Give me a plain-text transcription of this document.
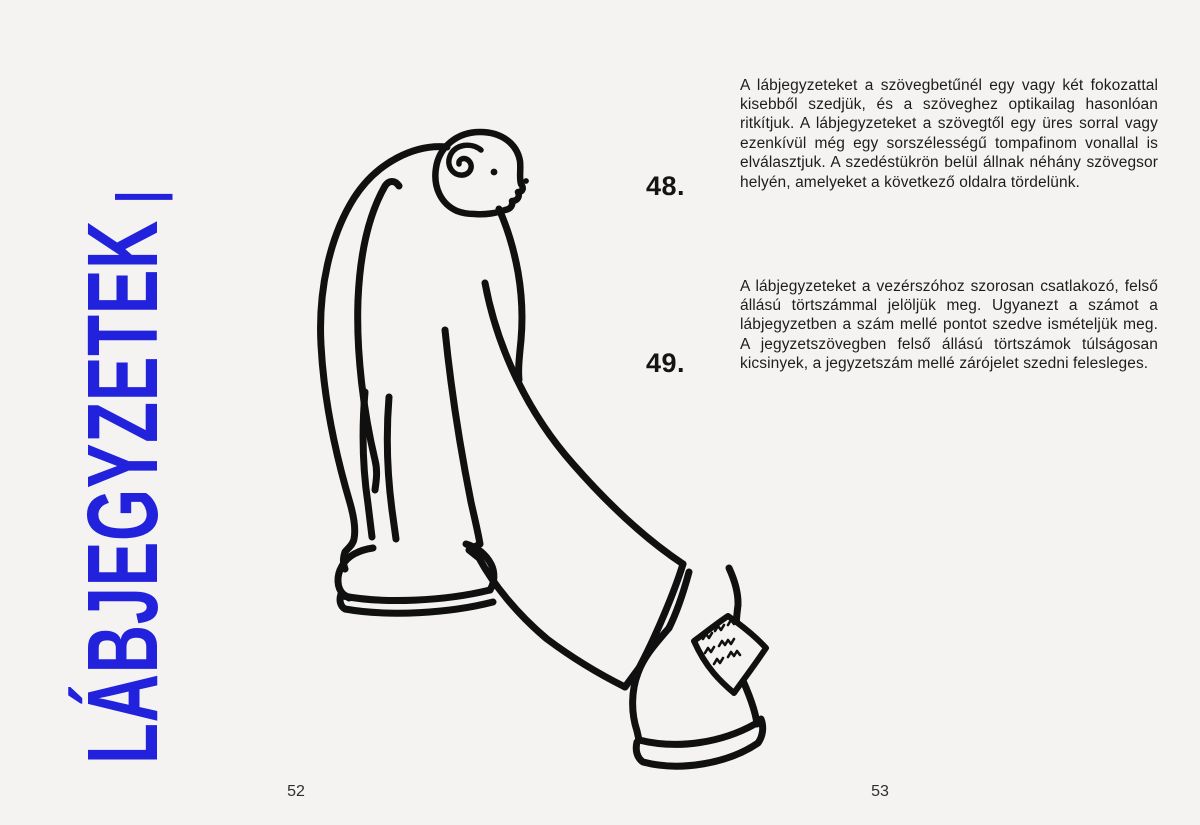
LÁBJEGYZETEK
_	48.

A lábjegyzeteket a szövegbetűnél egy vagy két fokozattal kisebből szedjük, és a szöveghez optikailag hasonlóan ritkítjuk. A lábjegyzeteket a szövegtől egy üres sorral vagy ezenkívül még egy sorszélességű tompafinom vonallal is elválasztjuk. A szedéstükrön belül állnak néhány szövegsor helyén, amelyeket a következő oldalra tördelünk.

49.

A lábjegyzeteket a vezérszóhoz szorosan csatlakozó, felső állású törtszámmal jelöljük meg. Ugyanezt a számot a lábjegyzetben a szám mellé pontot szedve ismételjük meg. A jegyzetszövegben felső állású törtszámok túlságosan kicsinyek, a jegyzetszám mellé zárójelet szedni felesleges.

52	53
